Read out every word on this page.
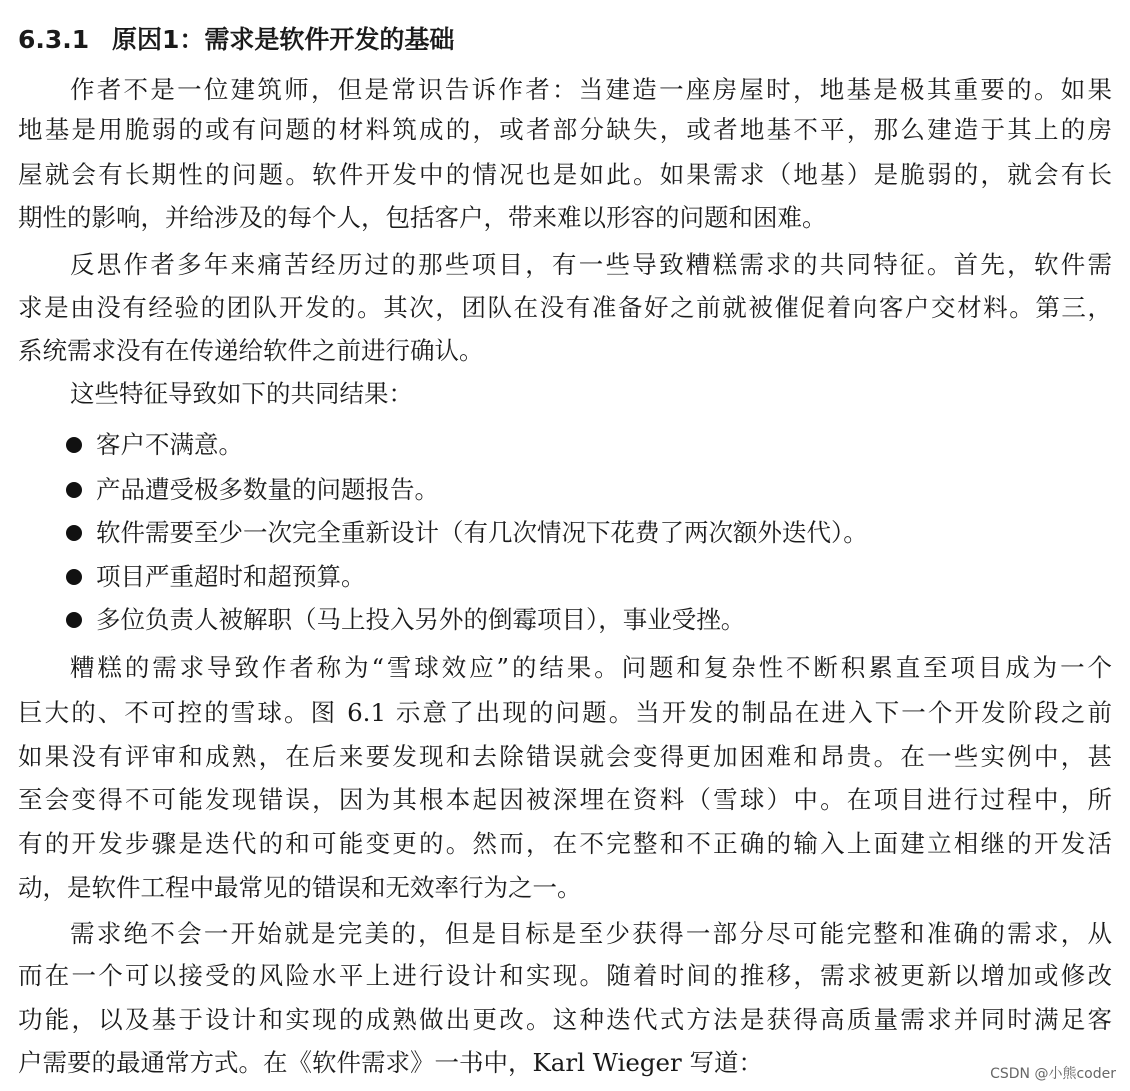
6.3.1 原因1：需求是软件开发的基础

作者不是一位建筑师，但是常识告诉作者：当建造一座房屋时，地基是极其重要的。如果

地基是用脆弱的或有问题的材料筑成的，或者部分缺失，或者地基不平，那么建造于其上的房

屋就会有长期性的问题。软件开发中的情况也是如此。如果需求（地基）是脆弱的，就会有长

期性的影响，并给涉及的每个人，包括客户，带来难以形容的问题和困难。

反思作者多年来痛苦经历过的那些项目，有一些导致糟糕需求的共同特征。首先，软件需

求是由没有经验的团队开发的。其次，团队在没有准备好之前就被催促着向客户交材料。第三，

系统需求没有在传递给软件之前进行确认。

这些特征导致如下的共同结果：

客户不满意。

产品遭受极多数量的问题报告。

软件需要至少一次完全重新设计（有几次情况下花费了两次额外迭代）。

项目严重超时和超预算。

多位负责人被解职（马上投入另外的倒霉项目），事业受挫。

糟糕的需求导致作者称为“雪球效应”的结果。问题和复杂性不断积累直至项目成为一个

巨大的、不可控的雪球。图 6.1 示意了出现的问题。当开发的制品在进入下一个开发阶段之前

如果没有评审和成熟，在后来要发现和去除错误就会变得更加困难和昂贵。在一些实例中，甚

至会变得不可能发现错误，因为其根本起因被深埋在资料（雪球）中。在项目进行过程中，所

有的开发步骤是迭代的和可能变更的。然而，在不完整和不正确的输入上面建立相继的开发活

动，是软件工程中最常见的错误和无效率行为之一。

需求绝不会一开始就是完美的，但是目标是至少获得一部分尽可能完整和准确的需求，从

而在一个可以接受的风险水平上进行设计和实现。随着时间的推移，需求被更新以增加或修改

功能，以及基于设计和实现的成熟做出更改。这种迭代式方法是获得高质量需求并同时满足客

户需要的最通常方式。在《软件需求》一书中，Karl Wieger 写道：	CSDN @小熊coder
